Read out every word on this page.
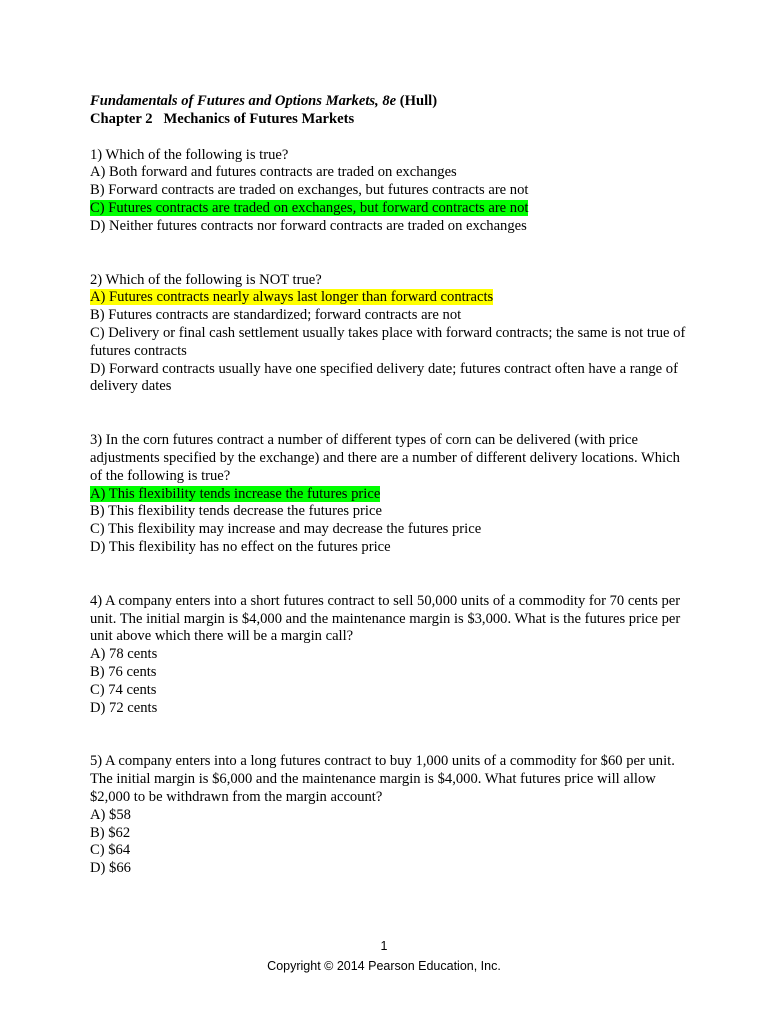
Fundamentals of Futures and Options Markets, 8e (Hull)
Chapter 2   Mechanics of Futures Markets
1) Which of the following is true?
A) Both forward and futures contracts are traded on exchanges
B) Forward contracts are traded on exchanges, but futures contracts are not
C) Futures contracts are traded on exchanges, but forward contracts are not
D) Neither futures contracts nor forward contracts are traded on exchanges
2) Which of the following is NOT true?
A) Futures contracts nearly always last longer than forward contracts
B) Futures contracts are standardized; forward contracts are not
C) Delivery or final cash settlement usually takes place with forward contracts; the same is not true of futures contracts
D) Forward contracts usually have one specified delivery date; futures contract often have a range of delivery dates
3) In the corn futures contract a number of different types of corn can be delivered (with price adjustments specified by the exchange) and there are a number of different delivery locations. Which of the following is true?
A) This flexibility tends increase the futures price
B) This flexibility tends decrease the futures price
C) This flexibility may increase and may decrease the futures price
D) This flexibility has no effect on the futures price
4) A company enters into a short futures contract to sell 50,000 units of a commodity for 70 cents per unit. The initial margin is $4,000 and the maintenance margin is $3,000. What is the futures price per unit above which there will be a margin call?
A) 78 cents
B) 76 cents
C) 74 cents
D) 72 cents
5) A company enters into a long futures contract to buy 1,000 units of a commodity for $60 per unit. The initial margin is $6,000 and the maintenance margin is $4,000. What futures price will allow $2,000 to be withdrawn from the margin account?
A) $58
B) $62
C) $64
D) $66
1
Copyright © 2014 Pearson Education, Inc.
